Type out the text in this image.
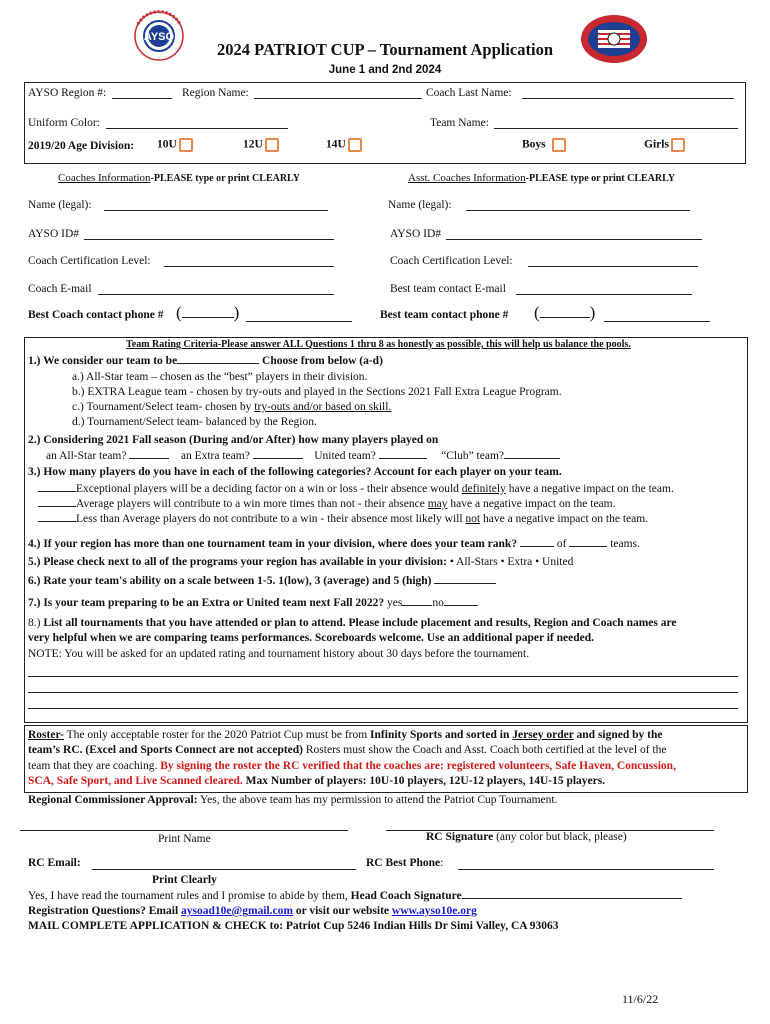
AYSO
2024 PATRIOT CUP – Tournament Application
June 1 and 2nd 2024
AYSO Region #:	Region Name:	Coach Last Name:
Uniform Color:	Team Name:
2019/20 Age Division: 10U	12U	14U	Boys	Girls
Coaches Information-PLEASE type or print CLEARLY	Asst. Coaches Information-PLEASE type or print CLEARLY
Name (legal):	Name (legal):
AYSO ID#	AYSO ID#
Coach Certification Level:	Coach Certification Level:
Coach E-mail	Best team contact E-mail
Best Coach contact phone # (	)	Best team contact phone # (	)
Team Rating Criteria-Please answer ALL Questions 1 thru 8 as honestly as possible, this will help us balance the pools.
1.) We consider our team to be	Choose from below (a-d)
a.) All-Star team – chosen as the “best” players in their division.
b.) EXTRA League team - chosen by try-outs and played in the Sections 2021 Fall Extra League Program.
c.) Tournament/Select team- chosen by try-outs and/or based on skill.
d.) Tournament/Select team- balanced by the Region.
2.) Considering 2021 Fall season (During and/or After) how many players played on
an All-Star team?	an Extra team?	United team?	“Club” team?
3.) How many players do you have in each of the following categories? Account for each player on your team.
Exceptional players will be a deciding factor on a win or loss - their absence would definitely have a negative impact on the team.
Average players will contribute to a win more times than not - their absence may have a negative impact on the team.
Less than Average players do not contribute to a win - their absence most likely will not have a negative impact on the team.
4.) If your region has more than one tournament team in your division, where does your team rank?	of	teams.
5.) Please check next to all of the programs your region has available in your division: • All-Stars • Extra • United
6.) Rate your team's ability on a scale between 1-5. 1(low), 3 (average) and 5 (high)
7.) Is your team preparing to be an Extra or United team next Fall 2022? yes	no
8.) List all tournaments that you have attended or plan to attend. Please include placement and results, Region and Coach names are
very helpful when we are comparing teams performances. Scoreboards welcome. Use an additional paper if needed.
NOTE: You will be asked for an updated rating and tournament history about 30 days before the tournament.
Roster- The only acceptable roster for the 2020 Patriot Cup must be from Infinity Sports and sorted in Jersey order and signed by the
team’s RC. (Excel and Sports Connect are not accepted) Rosters must show the Coach and Asst. Coach both certified at the level of the
team that they are coaching. By signing the roster the RC verified that the coaches are: registered volunteers, Safe Haven, Concussion,
SCA, Safe Sport, and Live Scanned cleared. Max Number of players: 10U-10 players, 12U-12 players, 14U-15 players.
Regional Commissioner Approval: Yes, the above team has my permission to attend the Patriot Cup Tournament.
Print Name	RC Signature (any color but black, please)
RC Email:	RC Best Phone:
Print Clearly
Yes, I have read the tournament rules and I promise to abide by them, Head Coach Signature
Registration Questions? Email aysoad10e@gmail.com or visit our website www.ayso10e.org
MAIL COMPLETE APPLICATION & CHECK to: Patriot Cup 5246 Indian Hills Dr Simi Valley, CA 93063
11/6/22
